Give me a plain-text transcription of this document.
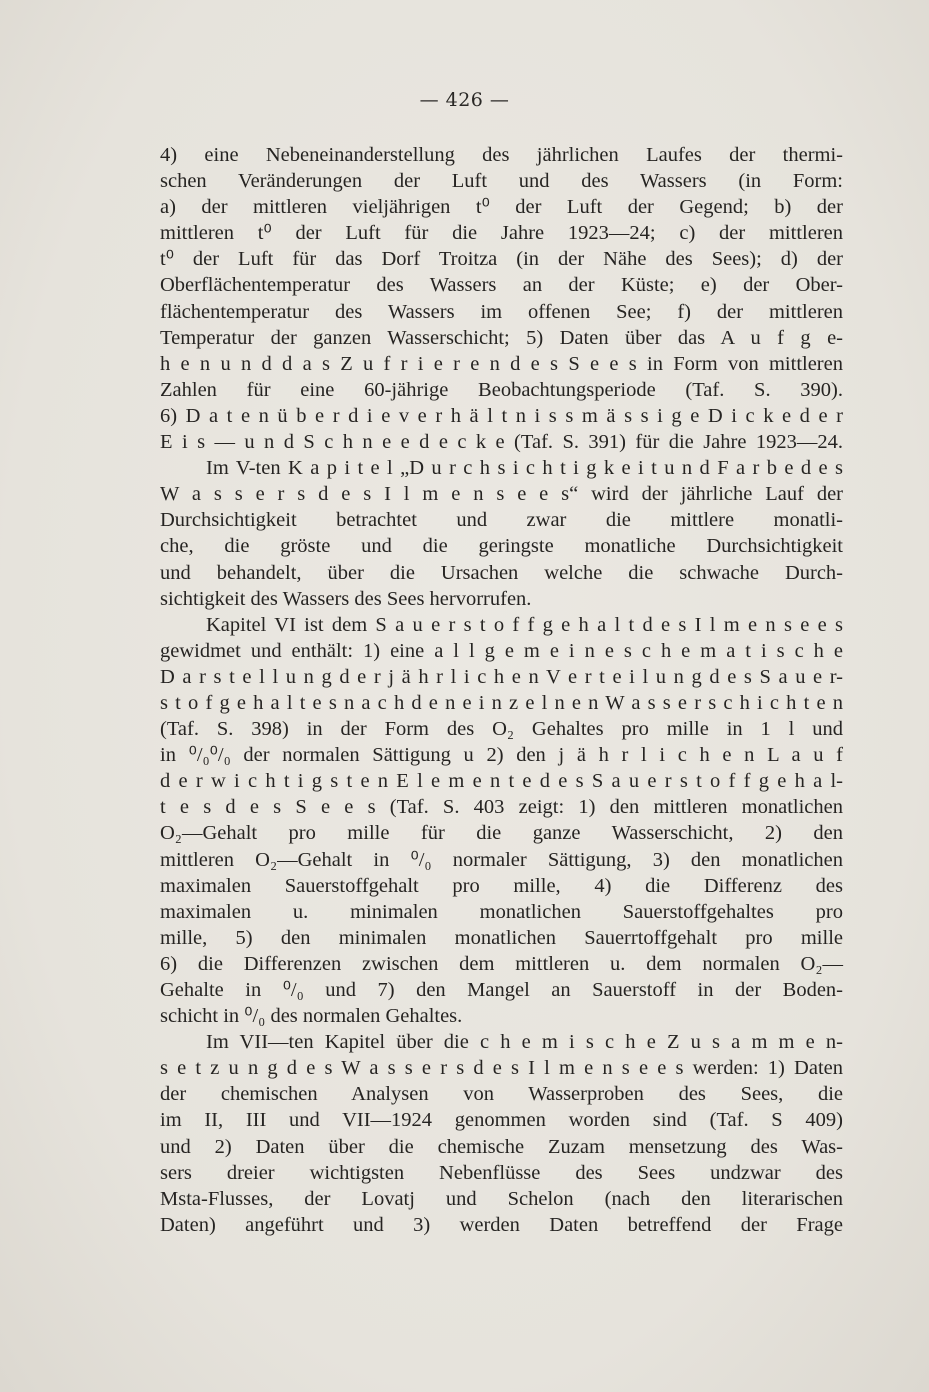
— 426 —
4) eine Nebeneinanderstellung des jährlichen Laufes der thermi-
schen Veränderungen der Luft und des Wassers (in Form:
a) der mittleren vieljährigen t⁰ der Luft der Gegend; b) der
mittleren t⁰ der Luft für die Jahre 1923—24; c) der mittleren
t⁰ der Luft für das Dorf Troitza (in der Nähe des Sees); d) der
Oberflächentemperatur des Wassers an der Küste; e) der Ober-
flächentemperatur des Wassers im offenen See; f) der mittleren
Temperatur der ganzen Wasserschicht; 5) Daten über das A u f g e-
h e n u n d d a s Z u f r i e r e n d e s S e e s in Form von mittleren
Zahlen für eine 60-jährige Beobachtungsperiode (Taf. S. 390).
6) D a t e n ü b e r d i e v e r h ä l t n i s s m ä s s i g e D i c k e d e r
E i s — u n d S c h n e e d e c k e (Taf. S. 391) für die Jahre 1923—24.
Im V-ten K a p i t e l „D u r c h s i c h t i g k e i t u n d F a r b e d e s
W a s s e r s d e s I l m e n s e e s“ wird der jährliche Lauf der
Durchsichtigkeit betrachtet und zwar die mittlere monatli-
che, die gröste und die geringste monatliche Durchsichtigkeit
und behandelt, über die Ursachen welche die schwache Durch-
sichtigkeit des Wassers des Sees hervorrufen.
Kapitel VI ist dem S a u e r s t o f f g e h a l t d e s I l m e n s e e s
gewidmet und enthält: 1) eine a l l g e m e i n e s c h e m a t i s c h e
D a r s t e l l u n g d e r j ä h r l i c h e n V e r t e i l u n g d e s S a u e r-
s t o f g e h a l t e s n a c h d e n e i n z e l n e n W a s s e r s c h i c h t e n
(Taf. S. 398) in der Form des O₂ Gehaltes pro mille in 1 l und
in ⁰/₀⁰/₀ der normalen Sättigung u 2) den j ä h r l i c h e n L a u f
d e r w i c h t i g s t e n E l e m e n t e d e s S a u e r s t o f f g e h a l-
t e s d e s S e e s (Taf. S. 403 zeigt: 1) den mittleren monatlichen
O₂—Gehalt pro mille für die ganze Wasserschicht, 2) den
mittleren O₂—Gehalt in ⁰/₀ normaler Sättigung, 3) den monatlichen
maximalen Sauerstoffgehalt pro mille, 4) die Differenz des
maximalen u. minimalen monatlichen Sauerstoffgehaltes pro
mille, 5) den minimalen monatlichen Sauerrtoffgehalt pro mille
6) die Differenzen zwischen dem mittleren u. dem normalen O₂—
Gehalte in ⁰/₀ und 7) den Mangel an Sauerstoff in der Boden-
schicht in ⁰/₀ des normalen Gehaltes.
Im VII—ten Kapitel über die c h e m i s c h e Z u s a m m e n-
s e t z u n g d e s W a s s e r s d e s I l m e n s e e s werden: 1) Daten
der chemischen Analysen von Wasserproben des Sees, die
im II, III und VII—1924 genommen worden sind (Taf. S 409)
und 2) Daten über die chemische Zuzam mensetzung des Was-
sers dreier wichtigsten Nebenflüsse des Sees undzwar des
Msta-Flusses, der Lovatj und Schelon (nach den literarischen
Daten) angeführt und 3) werden Daten betreffend der Frage
